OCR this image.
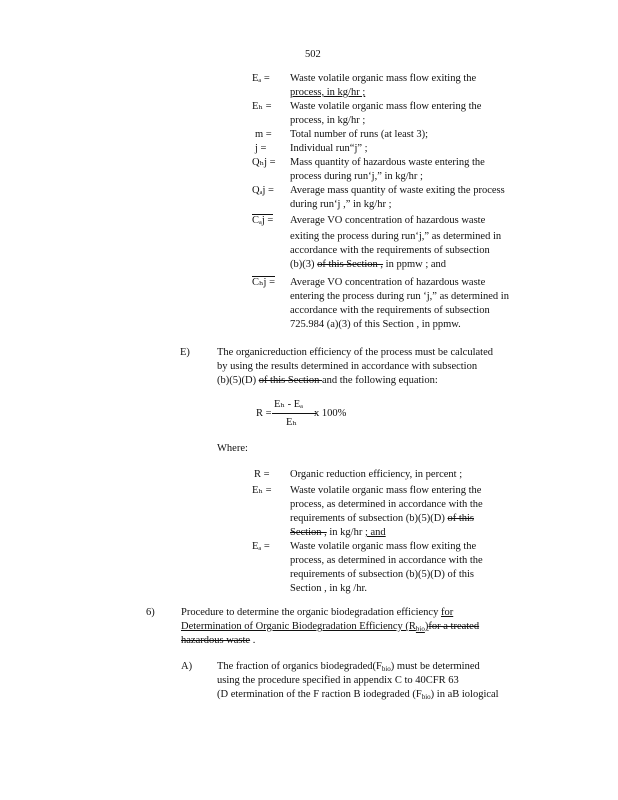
502
Eₐ = Waste volatile organic mass flow exiting the
process, in kg/hr ;
Eₕ = Waste volatile organic mass flow entering the
process, in kg/hr ;
m = Total number of runs (at least 3);
j = Individual run“j” ;
Qₕj = Mass quantity of hazardous waste entering the
process during run‘j,” in kg/hr ;
Qₐj = Average mass quantity of waste exiting the process
during run‘j ,” in kg/hr ;
Cₐj = Average VO concentration of hazardous waste
exiting the process during run‘j,” as determined in
accordance with the requirements of subsection
(b)(3) of this Section , in ppmw ; and
Cₕj = Average VO concentration of hazardous waste
entering the process during run ‘j,” as determined in
accordance with the requirements of subsection
725.984 (a)(3) of this Section , in ppmw.
E)	The organicreduction efficiency of the process must be calculated
by using the results determined in accordance with subsection
(b)(5)(D) of this Section and the following equation:
R =
Eₕ - Eₐ
Eₕ
x 100%
Where:
R = Organic reduction efficiency, in percent ;
Eₕ = Waste volatile organic mass flow entering the
process, as determined in accordance with the
requirements of subsection (b)(5)(D) of this
Section , in kg/hr ; and
Eₐ = Waste volatile organic mass flow exiting the
process, as determined in accordance with the
requirements of subsection (b)(5)(D) of this
Section , in kg /hr.
6)	Procedure to determine the organic biodegradation efficiency for
Determination of Organic Biodegradation Efficiency $(R_{bio})for$ a treated
hazardous waste .
A) The fraction of organics $biodegraded(F_{bio})$ must be determined
using the procedure specified in appendix C to 40CFR 63
(D etermination of the F raction B iodegraded $(F_{bio})$ in aB iological
